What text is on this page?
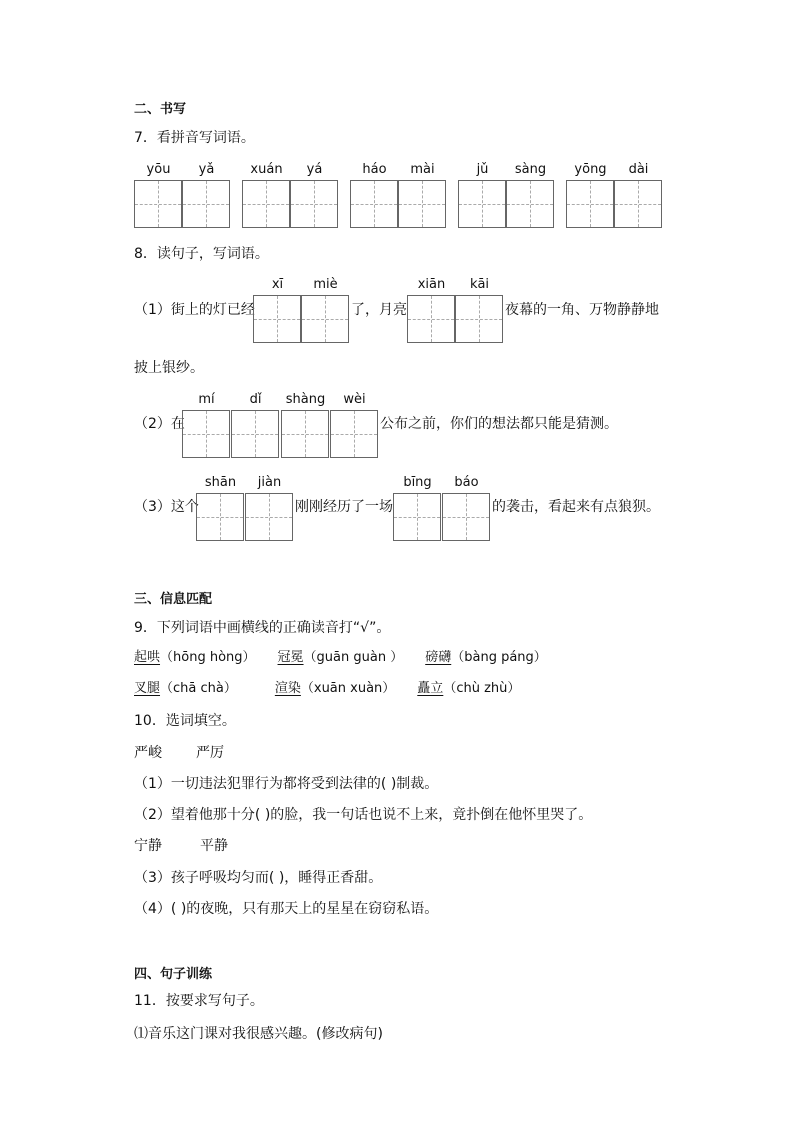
二、书写
7．看拼音写词语。
yōu	yǎ	xuán	yá	háo	mài	jǔ	sàng	yōng	dài
8．读句子，写词语。
xī	miè	xiān	kāi
（1）街上的灯已经	了，月亮	夜幕的一角、万物静静地
披上银纱。
mí	dǐ	shàng	wèi
（2）在	公布之前，你们的想法都只能是猜测。
shān	jiàn	bīng	báo
（3）这个	刚刚经历了一场	的袭击，看起来有点狼狈。
三、信息匹配
9．下列词语中画横线的正确读音打“√”。
起哄（hōng hòng） 冠冕（guān guàn ） 磅礴（bàng páng）
叉腿（chā chà）	渲染（xuān xuàn） 矗立（chù zhù）
10．选词填空。
严峻 严厉
（1）一切违法犯罪行为都将受到法律的( )制裁。
（2）望着他那十分( )的脸，我一句话也说不上来，竟扑倒在他怀里哭了。
宁静	平静
（3）孩子呼吸均匀而( )，睡得正香甜。
（4）( )的夜晚，只有那天上的星星在窃窃私语。
四、句子训练
11．按要求写句子。
⑴音乐这门课对我很感兴趣。(修改病句)
